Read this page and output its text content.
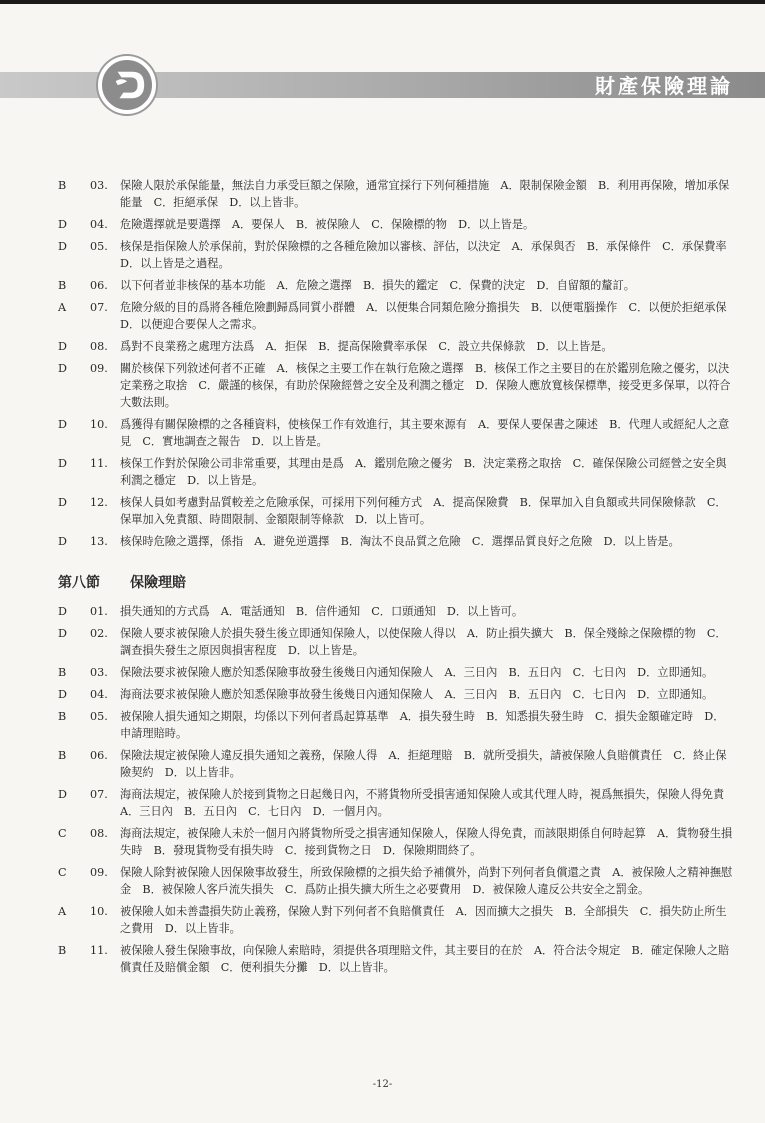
財產保險理論
B	03.	保險人限於承保能量，無法自力承受巨額之保險，通常宜採行下列何種措施　A．限制保險金額　B．利用再保險，增加承保能量　C．拒絕承保　D．以上皆非。
D	04.	危險選擇就是要選擇　A．要保人　B．被保險人　C．保險標的物　D．以上皆是。
D	05.	核保是指保險人於承保前，對於保險標的之各種危險加以審核、評估，以決定　A．承保與否　B．承保條件　C．承保費率　D．以上皆是之過程。
B	06.	以下何者並非核保的基本功能　A．危險之選擇　B．損失的鑑定　C．保費的決定　D．自留額的釐訂。
A	07.	危險分級的目的爲將各種危險劃歸爲同質小群體　A．以便集合同類危險分擔損失　B．以便電腦操作　C．以便於拒絕承保　D．以便迎合要保人之需求。
D	08.	爲對不良業務之處理方法爲　A．拒保　B．提高保險費率承保　C．設立共保條款　D．以上皆是。
D	09.	關於核保下列敘述何者不正確　A．核保之主要工作在執行危險之選擇　B．核保工作之主要目的在於鑑別危險之優劣，以決定業務之取捨　C．嚴謹的核保，有助於保險經營之安全及利潤之穩定　D．保險人應放寬核保標準，接受更多保單，以符合大數法則。
D	10.	爲獲得有關保險標的之各種資料，使核保工作有效進行，其主要來源有　A．要保人要保書之陳述　B．代理人或經紀人之意見　C．實地調查之報告　D．以上皆是。
D	11.	核保工作對於保險公司非常重要，其理由是爲　A．鑑別危險之優劣　B．決定業務之取捨　C．確保保險公司經營之安全與利潤之穩定　D．以上皆是。
D	12.	核保人員如考慮對品質較差之危險承保，可採用下列何種方式　A．提高保險費　B．保單加入自負額或共同保險條款　C．保單加入免責額、時間限制、金額限制等條款　D．以上皆可。
D	13.	核保時危險之選擇，係指　A．避免逆選擇　B．淘汰不良品質之危險　C．選擇品質良好之危險　D．以上皆是。
第八節	保險理賠
D	01.	損失通知的方式爲　A．電話通知　B．信件通知　C．口頭通知　D．以上皆可。
D	02.	保險人要求被保險人於損失發生後立即通知保險人，以使保險人得以　A．防止損失擴大　B．保全殘餘之保險標的物　C．調查損失發生之原因與損害程度　D．以上皆是。
B	03.	保險法要求被保險人應於知悉保險事故發生後幾日內通知保險人　A．三日內　B．五日內　C．七日內　D．立即通知。
D	04.	海商法要求被保險人應於知悉保險事故發生後幾日內通知保險人　A．三日內　B．五日內　C．七日內　D．立即通知。
B	05.	被保險人損失通知之期限，均係以下列何者爲起算基準　A．損失發生時　B．知悉損失發生時　C．損失金額確定時　D．申請理賠時。
B	06.	保險法規定被保險人違反損失通知之義務，保險人得　A．拒絕理賠　B．就所受損失，請被保險人負賠償責任　C．終止保險契約　D．以上皆非。
D	07.	海商法規定，被保險人於接到貨物之日起幾日內，不將貨物所受損害通知保險人或其代理人時，視爲無損失，保險人得免責　A．三日內　B．五日內　C．七日內　D．一個月內。
C	08.	海商法規定，被保險人未於一個月內將貨物所受之損害通知保險人，保險人得免責，而該限期係自何時起算　A．貨物發生損失時　B．發現貨物受有損失時　C．接到貨物之日　D．保險期間終了。
C	09.	保險人除對被保險人因保險事故發生，所致保險標的之損失給予補償外，尚對下列何者負償還之責　A．被保險人之精神撫慰金　B．被保險人客戶流失損失　C．爲防止損失擴大所生之必要費用　D．被保險人違反公共安全之罰金。
A	10.	被保險人如未善盡損失防止義務，保險人對下列何者不負賠償責任　A．因而擴大之損失　B．全部損失　C．損失防止所生之費用　D．以上皆非。
B	11.	被保險人發生保險事故，向保險人索賠時，須提供各項理賠文件，其主要目的在於　A．符合法令規定　B．確定保險人之賠償責任及賠償金額　C．便利損失分攤　D．以上皆非。
-12-
